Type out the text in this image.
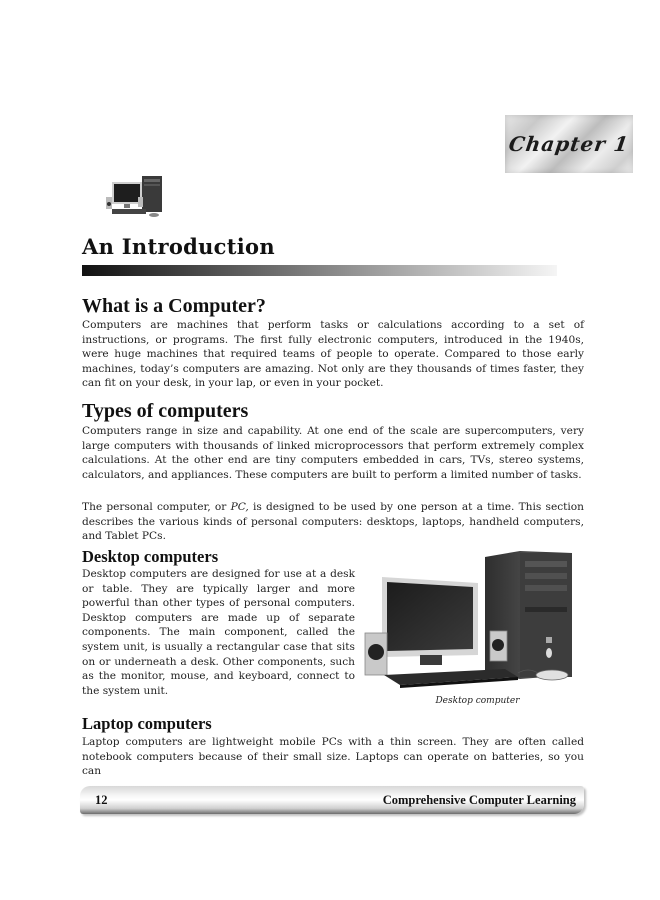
Chapter 1
An Introduction
What is a Computer?

Computers are machines that perform tasks or calculations according to a set of instructions, or programs. The first fully electronic computers, introduced in the 1940s, were huge machines that required teams of people to operate. Compared to those early machines, today’s computers are amazing. Not only are they thousands of times faster, they can fit on your desk, in your lap, or even in your pocket.

Types of computers

Computers range in size and capability. At one end of the scale are supercomputers, very large computers with thousands of linked microprocessors that perform extremely complex calculations. At the other end are tiny computers embedded in cars, TVs, stereo systems, calculators, and appliances. These computers are built to perform a limited number of tasks.

The personal computer, or PC, is designed to be used by one person at a time. This section describes the various kinds of personal computers: desktops, laptops, handheld computers, and Tablet PCs.

Desktop computers

Desktop computers are designed for use at a desk or table. They are typically larger and more powerful than other types of personal computers. Desktop computers are made up of separate components. The main component, called the system unit, is usually a rectangular case that sits on or underneath a desk. Other components, such as the monitor, mouse, and keyboard, connect to the system unit.

Desktop computer
Laptop computers

Laptop computers are lightweight mobile PCs with a thin screen. They are often called notebook computers because of their small size. Laptops can operate on batteries, so you can

12	Comprehensive Computer Learning
